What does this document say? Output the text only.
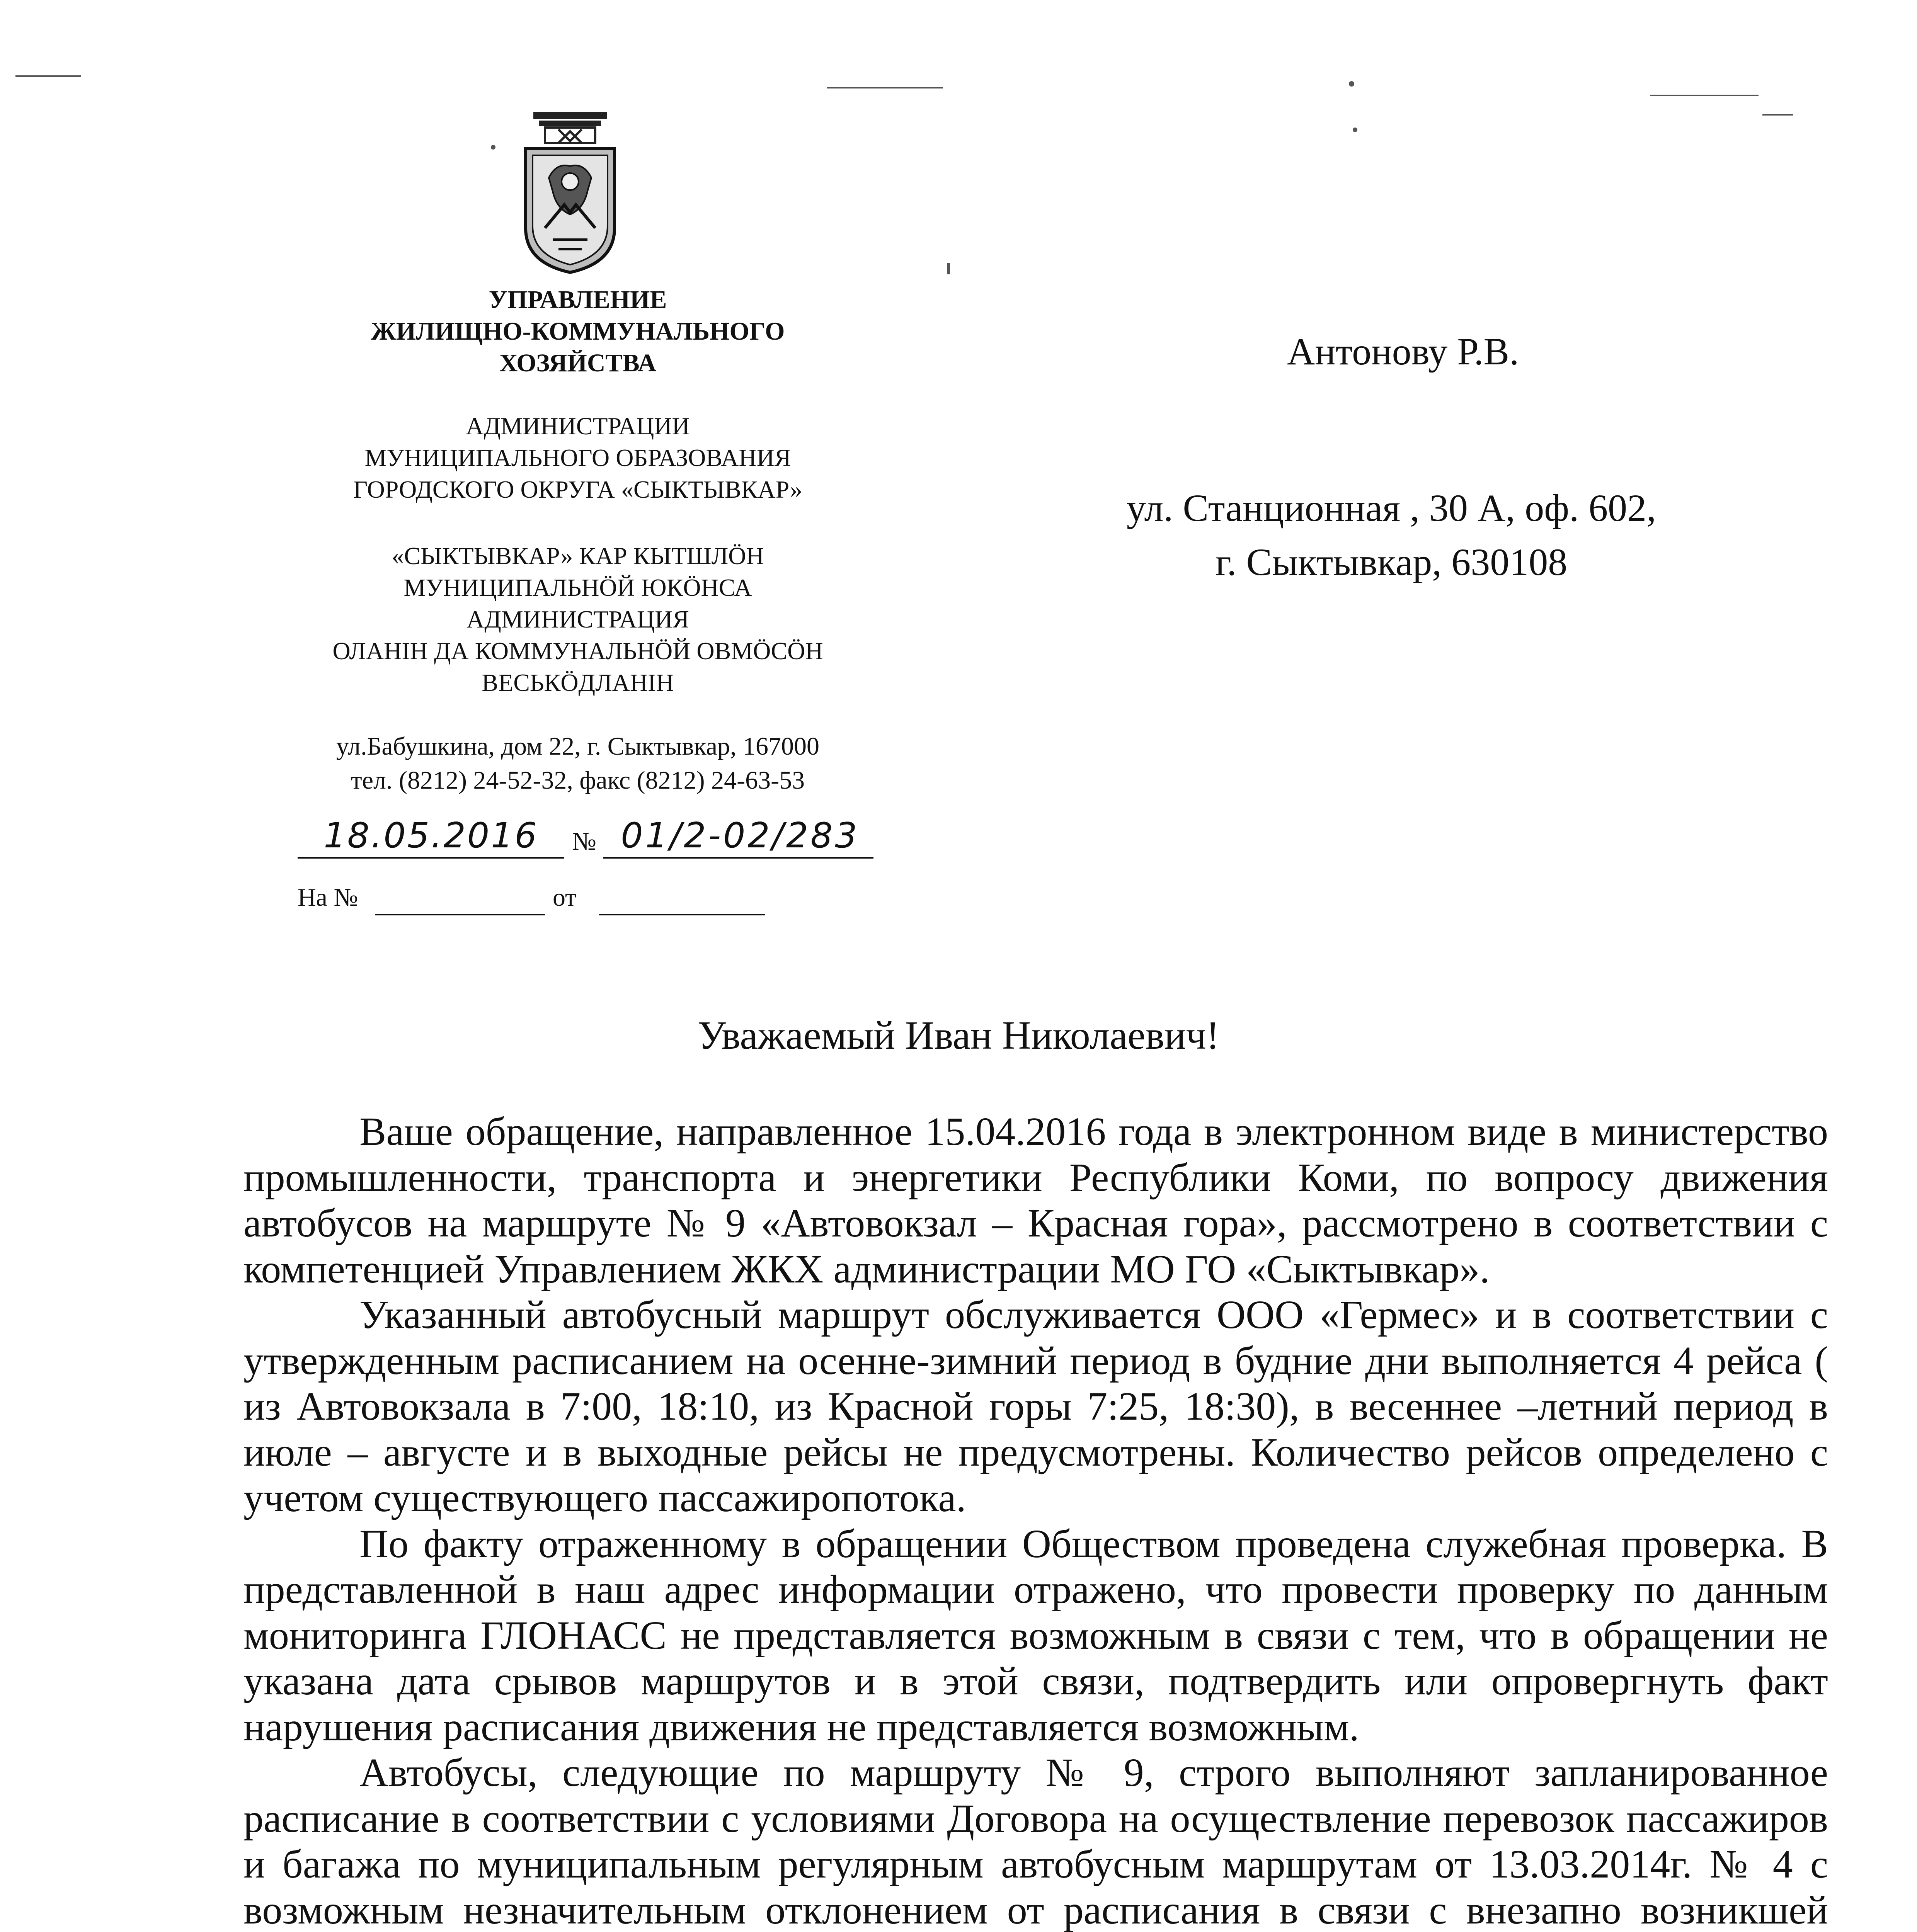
УПРАВЛЕНИЕ
ЖИЛИЩНО-КОММУНАЛЬНОГО
ХОЗЯЙСТВА
АДМИНИСТРАЦИИ
МУНИЦИПАЛЬНОГО ОБРАЗОВАНИЯ
ГОРОДСКОГО ОКРУГА «СЫКТЫВКАР»
«СЫКТЫВКАР» КАР КЫТШЛÖН
МУНИЦИПАЛЬНÖЙ ЮКÖНСА
АДМИНИСТРАЦИЯ
ОЛАНІН ДА КОММУНАЛЬНÖЙ ОВМÖСÖН
ВЕСЬКÖДЛАНІН
ул.Бабушкина, дом 22, г. Сыктывкар, 167000
тел. (8212) 24-52-32, факс (8212) 24-63-53
18.05.2016	№ 01/2-02/283
На №	от
Антонову Р.В.
ул. Станционная , 30 А, оф. 602,
г. Сыктывкар, 630108
Уважаемый Иван Николаевич!

Ваше обращение, направленное 15.04.2016 года в электронном виде в министерство промышленности, транспорта и энергетики Республики Коми, по вопросу движения автобусов на маршруте № 9 «Автовокзал – Красная гора», рассмотрено в соответствии с компетенцией Управлением ЖКХ администрации МО ГО «Сыктывкар».

Указанный автобусный маршрут обслуживается ООО «Гермес» и в соответствии с утвержденным расписанием на осенне-зимний период в будние дни выполняется 4 рейса ( из Автовокзала в 7:00, 18:10, из Красной горы 7:25, 18:30), в весеннее –летний период в июле – августе и в выходные рейсы не предусмотрены. Количество рейсов определено с учетом существующего пассажиропотока.

По факту отраженному в обращении Обществом проведена служебная проверка. В представленной в наш адрес информации отражено, что провести проверку по данным мониторинга ГЛОНАСС не представляется возможным в связи с тем, что в обращении не указана дата срывов маршрутов и в этой связи, подтвердить или опровергнуть факт нарушения расписания движения не представляется возможным.

Автобусы, следующие по маршруту № 9, строго выполняют запланированное расписание в соответствии с условиями Договора на осуществление перевозок пассажиров и багажа по муниципальным регулярным автобусным маршрутам от 13.03.2014г. № 4 с возможным незначительным отклонением от расписания в связи с внезапно возникшей
